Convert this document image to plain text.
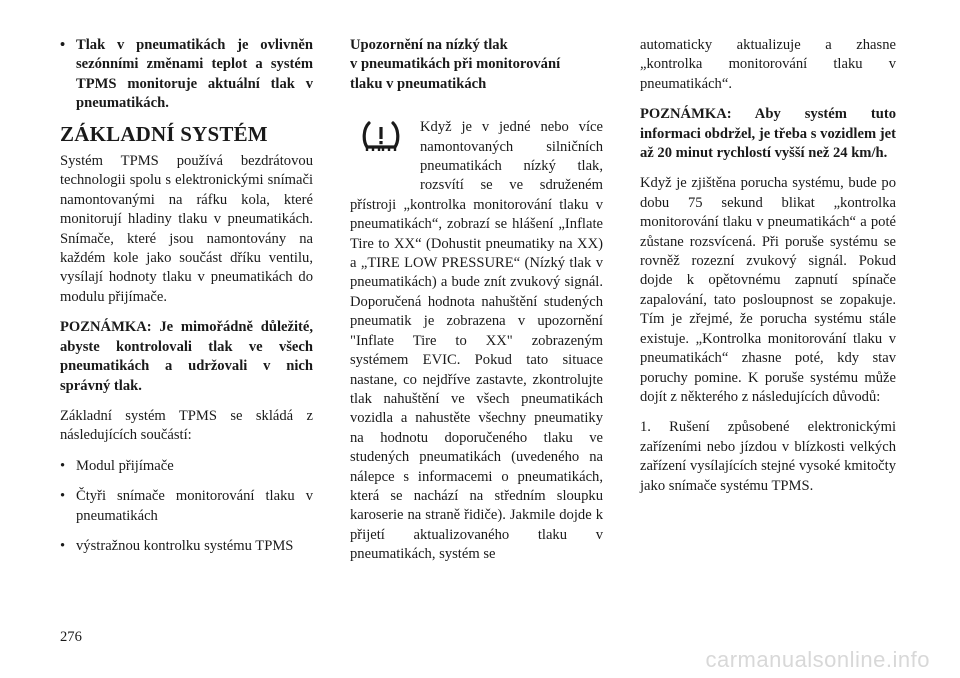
• Tlak v pneumatikách je ovlivněn sezónními změnami teplot a systém TPMS monitoruje aktuální tlak v pneumatikách.
ZÁKLADNÍ SYSTÉM

Systém TPMS používá bezdrátovou technologii spolu s elektronickými snímači namontovanými na ráfku kola, které monitorují hladiny tlaku v pneumatikách. Snímače, které jsou namontovány na každém kole jako součást dříku ventilu, vysílají hodnoty tlaku v pneumatikách do modulu přijímače.

POZNÁMKA: Je mimořádně důležité, abyste kontrolovali tlak ve všech pneumatikách a udržovali v nich správný tlak.

Základní systém TPMS se skládá z následujících součástí:

• Modul přijímače
• Čtyři snímače monitorování tlaku v pneumatikách
• výstražnou kontrolku systému TPMS
Upozornění na nízký tlak
v pneumatikách při monitorování
tlaku v pneumatikách

Když je v jedné nebo více namontovaných silničních pneumatikách nízký tlak, rozsvítí se ve sdruženém přístroji „kontrolka monitorování tlaku v pneumatikách“, zobrazí se hlášení „Inflate Tire to XX“ (Dohustit pneumatiky na XX) a „TIRE LOW PRESSURE“ (Nízký tlak v pneumatikách) a bude znít zvukový signál. Doporučená hodnota nahuštění studených pneumatik je zobrazena v upozornění "Inflate Tire to XX" zobrazeným systémem EVIC. Pokud tato situace nastane, co nejdříve zastavte, zkontrolujte tlak nahuštění ve všech pneumatikách vozidla a nahustěte všechny pneumatiky na hodnotu doporučeného tlaku ve studených pneumatikách (uvedeného na nálepce s informacemi o pneumatikách, která se nachází na středním sloupku karoserie na straně řidiče). Jakmile dojde k přijetí aktualizovaného tlaku v pneumatikách, systém se

automaticky aktualizuje a zhasne „kontrolka monitorování tlaku v pneumatikách“.

POZNÁMKA: Aby systém tuto informaci obdržel, je třeba s vozidlem jet až 20 minut rychlostí vyšší než 24 km/h.

Když je zjištěna porucha systému, bude po dobu 75 sekund blikat „kontrolka monitorování tlaku v pneumatikách“ a poté zůstane rozsvícená. Při poruše systému se rovněž rozezní zvukový signál. Pokud dojde k opětovnému zapnutí spínače zapalování, tato posloupnost se zopakuje. Tím je zřejmé, že porucha systému stále existuje. „Kontrolka monitorování tlaku v pneumatikách“ zhasne poté, kdy stav poruchy pomine. K poruše systému může dojít z některého z následujících důvodů:

1. Rušení způsobené elektronickými zařízeními nebo jízdou v blízkosti velkých zařízení vysílajících stejné vysoké kmitočty jako snímače systému TPMS.

276
carmanualsonline.info
